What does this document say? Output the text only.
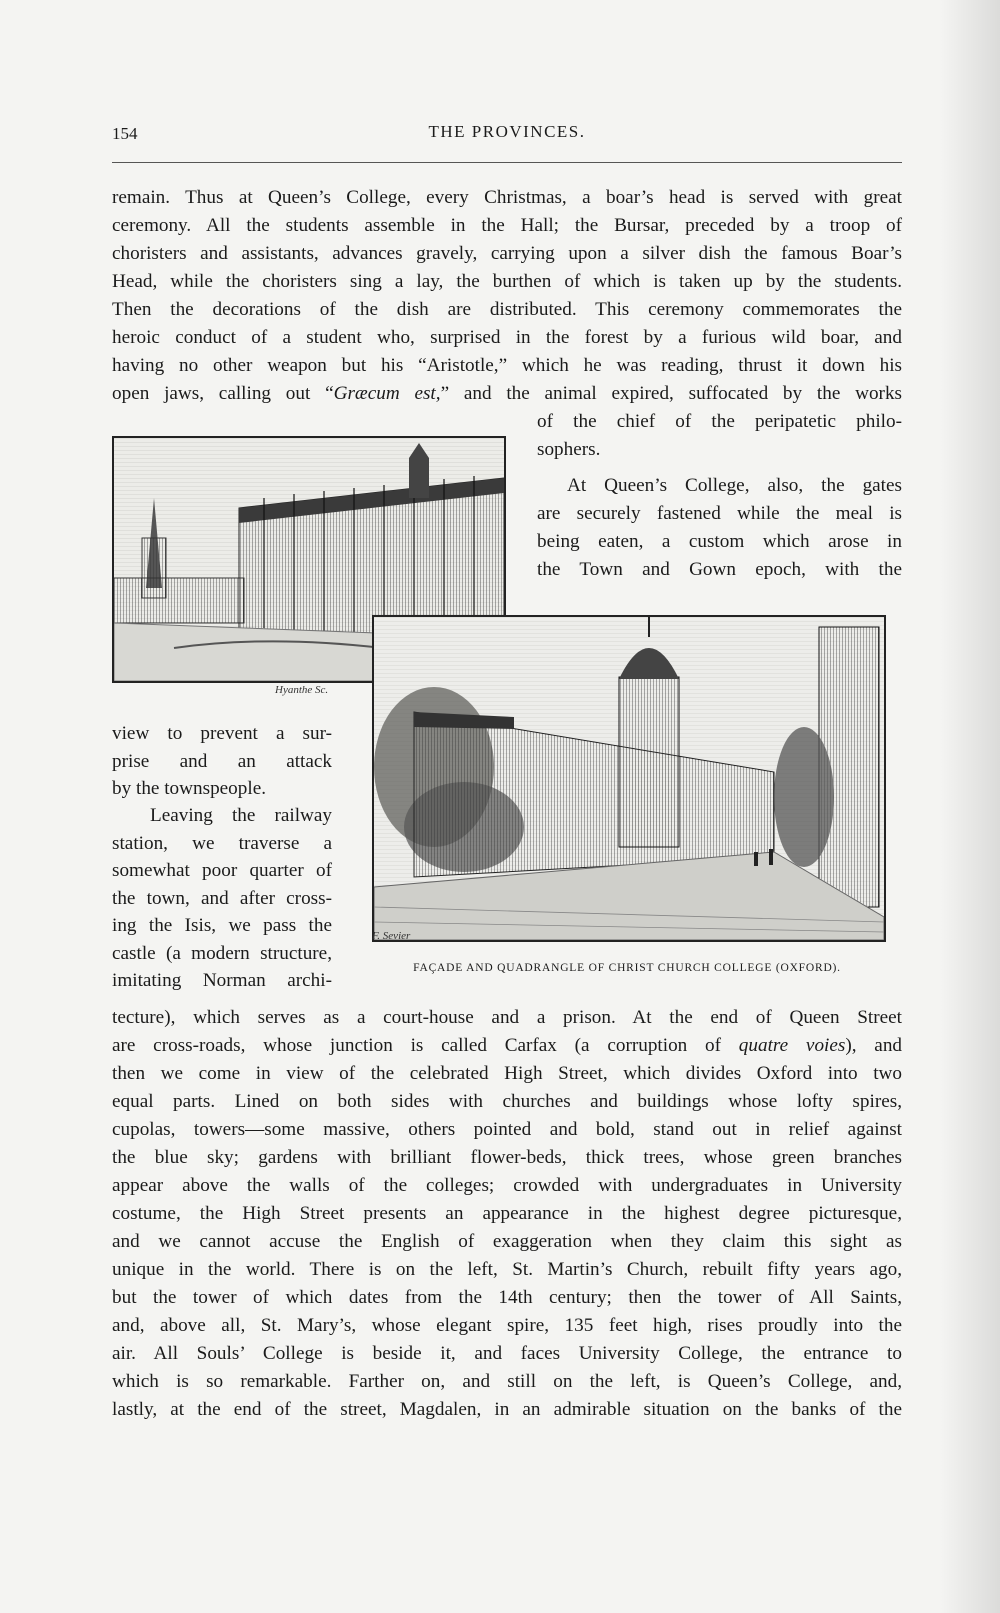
154	THE PROVINCES.
remain. Thus at Queen’s College, every Christmas, a boar’s head is served with great
ceremony. All the students assemble in the Hall; the Bursar, preceded by a troop of
choristers and assistants, advances gravely, carrying upon a silver dish the famous Boar’s
Head, while the choristers sing a lay, the burthen of which is taken up by the students.
Then the decorations of the dish are distributed. This ceremony commemorates the
heroic conduct of a student who, surprised in the forest by a furious wild boar, and
having no other weapon but his “Aristotle,” which he was reading, thrust it down his
open jaws, calling out “Græcum est,” and the animal expired, suffocated by the works
of the chief of the peripatetic philo-
sophers.
At Queen’s College, also, the gates
are securely fastened while the meal is
being eaten, a custom which arose in
the Town and Gown epoch, with the
Hyanthe Sc.
view to prevent a sur-
prise and an attack
by the townspeople.
Leaving the railway
station, we traverse a
somewhat poor quarter of
the town, and after cross-
ing the Isis, we pass the
castle (a modern structure,
imitating Norman archi-
F. Sevier
FAÇADE AND QUADRANGLE OF CHRIST CHURCH COLLEGE (OXFORD).
tecture), which serves as a court-house and a prison. At the end of Queen Street
are cross-roads, whose junction is called Carfax (a corruption of quatre voies), and
then we come in view of the celebrated High Street, which divides Oxford into two
equal parts. Lined on both sides with churches and buildings whose lofty spires,
cupolas, towers—some massive, others pointed and bold, stand out in relief against
the blue sky; gardens with brilliant flower-beds, thick trees, whose green branches
appear above the walls of the colleges; crowded with undergraduates in University
costume, the High Street presents an appearance in the highest degree picturesque,
and we cannot accuse the English of exaggeration when they claim this sight as
unique in the world. There is on the left, St. Martin’s Church, rebuilt fifty years ago,
but the tower of which dates from the 14th century; then the tower of All Saints,
and, above all, St. Mary’s, whose elegant spire, 135 feet high, rises proudly into the
air. All Souls’ College is beside it, and faces University College, the entrance to
which is so remarkable. Farther on, and still on the left, is Queen’s College, and,
lastly, at the end of the street, Magdalen, in an admirable situation on the banks of the
